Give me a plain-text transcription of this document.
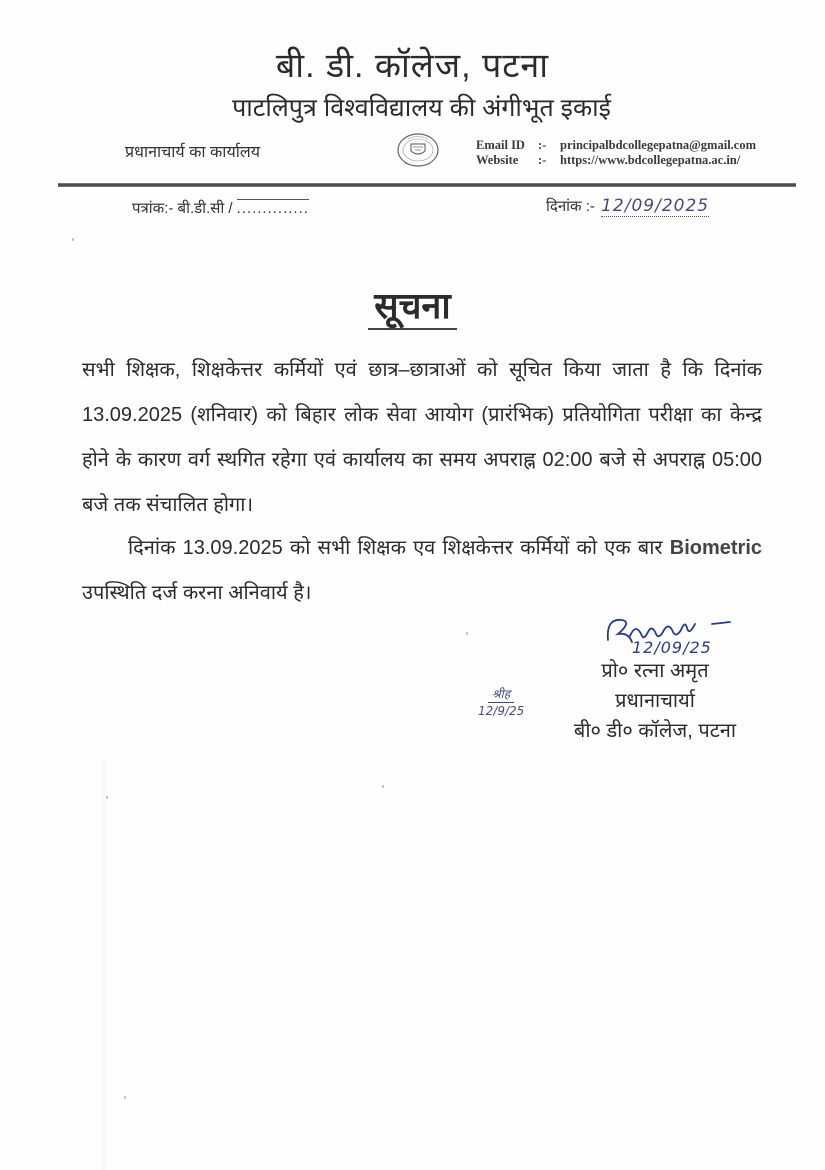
बी. डी. कॉलेज, पटना
पाटलिपुत्र विश्वविद्यालय की अंगीभूत इकाई
प्रधानाचार्य का कार्यालय	Email ID :- principalbdcollegepatna@gmail.com
Website :- https://www.bdcollegepatna.ac.in/
पत्रांक:- बी.डी.सी / ..............	दिनांक :- 12/09/2025
सूचना
सभी शिक्षक, शिक्षकेत्तर कर्मियों एवं छात्र–छात्राओं को सूचित किया जाता है कि दिनांक 13.09.2025 (शनिवार) को बिहार लोक सेवा आयोग (प्रारंभिक) प्रतियोगिता परीक्षा का केन्द्र होने के कारण वर्ग स्थगित रहेगा एवं कार्यालय का समय अपराह्न 02:00 बजे से अपराह्न 05:00 बजे तक संचालित होगा।
दिनांक 13.09.2025 को सभी शिक्षक एव शिक्षकेत्तर कर्मियों को एक बार Biometric उपस्थिति दर्ज करना अनिवार्य है।
12/09/25
प्रो० रत्ना अमृत
प्रधानाचार्या
बी० डी० कॉलेज, पटना
श्रीह
12/9/25
